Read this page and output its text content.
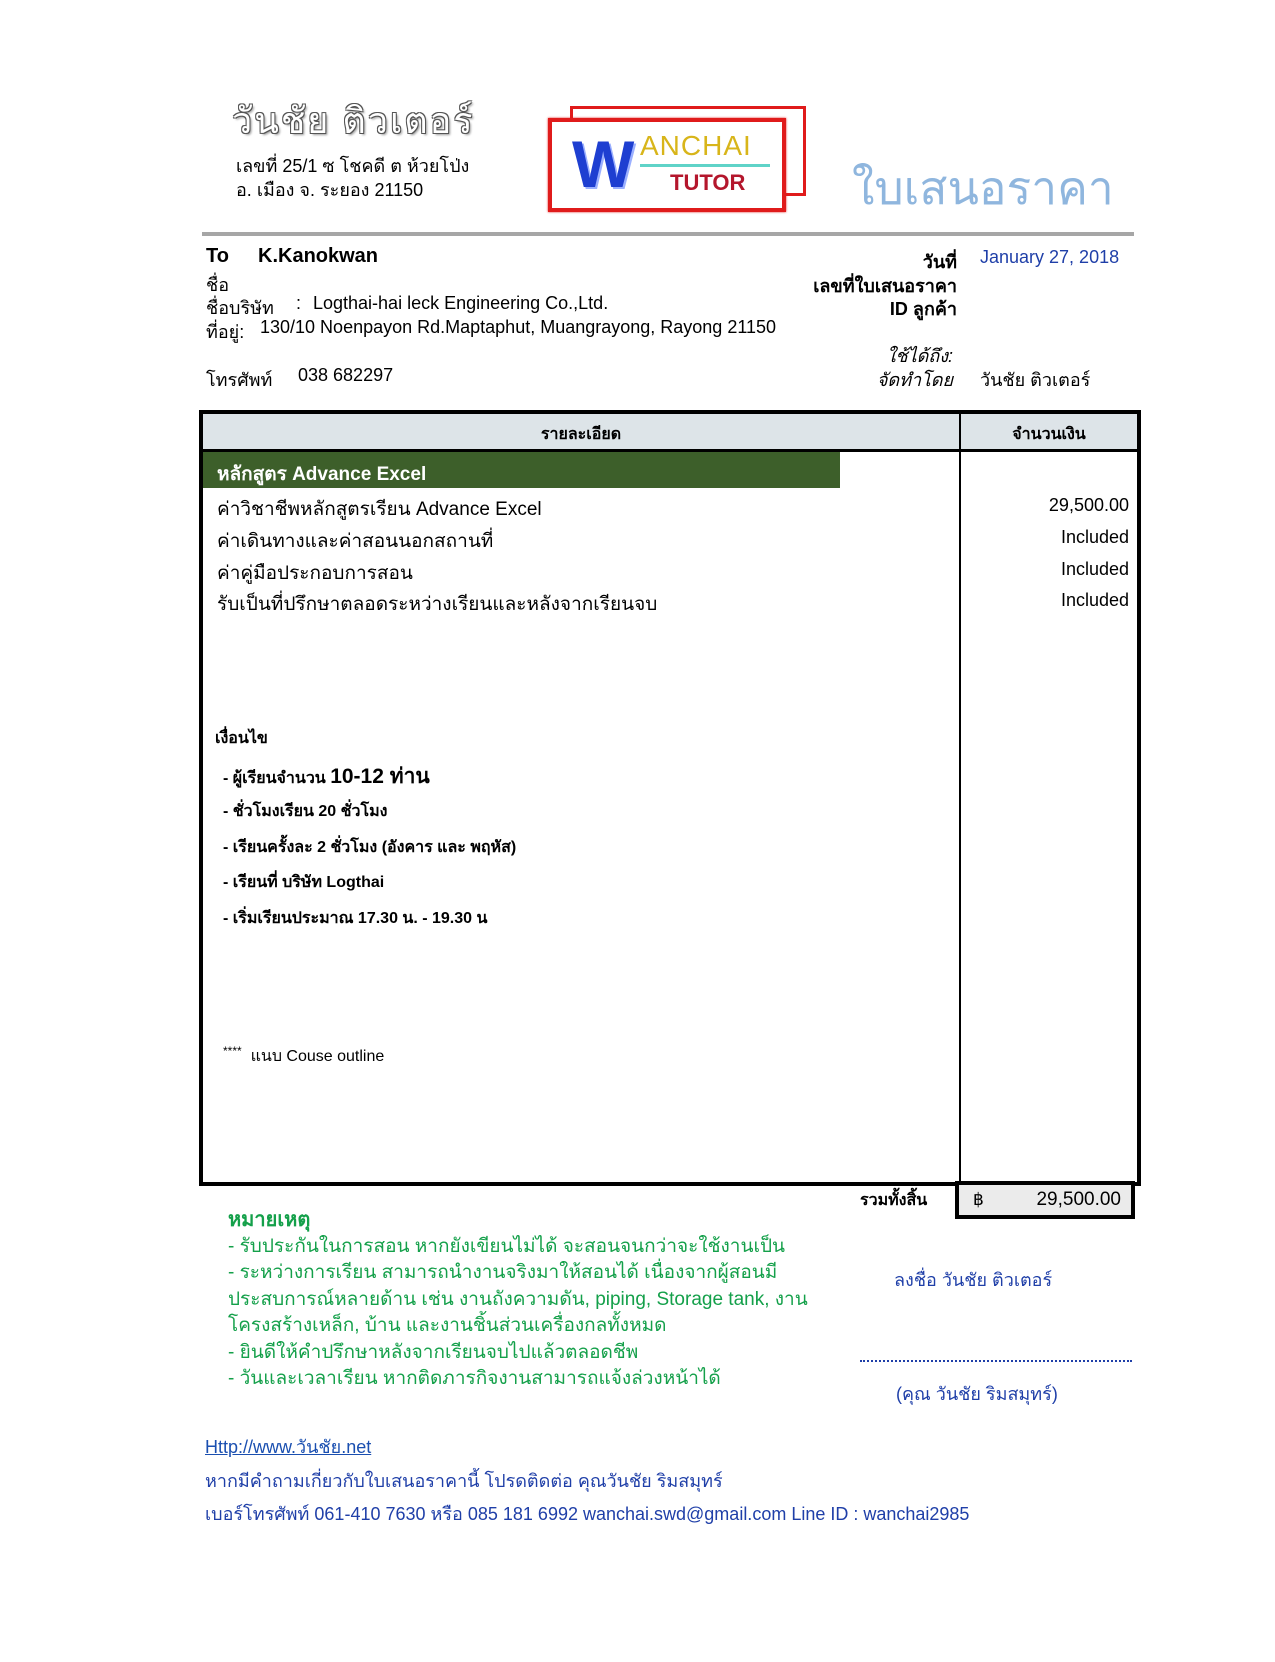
วันชัย ติวเตอร์
เลขที่ 25/1 ซ โชคดี ต ห้วยโป่ง
อ. เมือง จ. ระยอง 21150 W ANCHAI
TUTOR ใบเสนอราคา
To K.Kanokwan
ชื่อ
ชื่อบริษัท : Logthai-hai leck Engineering Co.,Ltd.
ที่อยู่: 130/10 Noenpayon Rd.Maptaphut, Muangrayong, Rayong 21150
โทรศัพท์ 038 682297
วันที่ January 27, 2018
เลขที่ใบเสนอราคา
ID ลูกค้า
ใช้ได้ถึง:
จัดทำโดย วันชัย ติวเตอร์
รายละเอียด	จำนวนเงิน
หลักสูตร Advance Excel
ค่าวิชาชีพหลักสูตรเรียน Advance Excel	29,500.00
ค่าเดินทางและค่าสอนนอกสถานที่	Included
ค่าคู่มือประกอบการสอน	Included
รับเป็นที่ปรึกษาตลอดระหว่างเรียนและหลังจากเรียนจบ	Included
เงื่อนไข
- ผู้เรียนจำนวน 10-12 ท่าน
- ชั่วโมงเรียน 20 ชั่วโมง
- เรียนครั้งละ 2 ชั่วโมง (อังคาร และ พฤหัส)
- เรียนที่ บริษัท Logthai
- เริ่มเรียนประมาณ 17.30 น. - 19.30 น
**** แนบ Couse outline
รวมทั้งสิ้น	฿	29,500.00
หมายเหตุ
- รับประกันในการสอน หากยังเขียนไม่ได้ จะสอนจนกว่าจะใช้งานเป็น
- ระหว่างการเรียน สามารถนำงานจริงมาให้สอนได้ เนื่องจากผู้สอนมี
ประสบการณ์หลายด้าน เช่น งานถังความดัน, piping, Storage tank, งาน
โครงสร้างเหล็ก, บ้าน และงานชิ้นส่วนเครื่องกลทั้งหมด
- ยินดีให้คำปรึกษาหลังจากเรียนจบไปแล้วตลอดชีพ
- วันและเวลาเรียน หากติดภารกิจงานสามารถแจ้งล่วงหน้าได้
ลงชื่อ วันชัย ติวเตอร์
(คุณ วันชัย ริมสมุทร์)
Http://www.วันชัย.net
หากมีคำถามเกี่ยวกับใบเสนอราคานี้ โปรดติดต่อ คุณวันชัย ริมสมุทร์
เบอร์โทรศัพท์ 061-410 7630 หรือ 085 181 6992 wanchai.swd@gmail.com Line ID : wanchai2985
